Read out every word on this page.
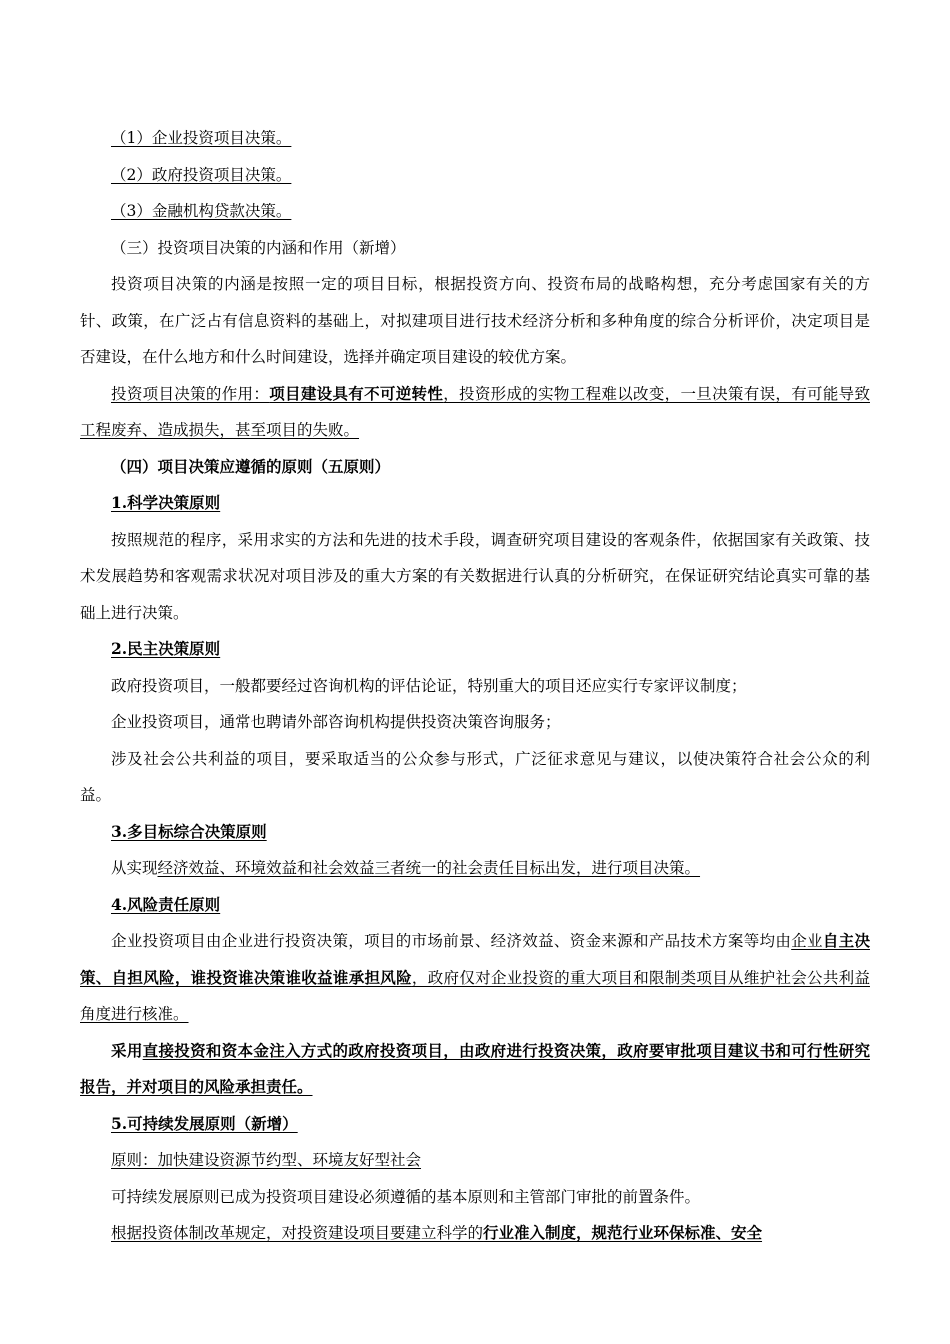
（1）企业投资项目决策。

（2）政府投资项目决策。

（3）金融机构贷款决策。

（三）投资项目决策的内涵和作用（新增）

投资项目决策的内涵是按照一定的项目目标，根据投资方向、投资布局的战略构想，充分考虑国家有关的方针、政策，在广泛占有信息资料的基础上，对拟建项目进行技术经济分析和多种角度的综合分析评价，决定项目是否建设，在什么地方和什么时间建设，选择并确定项目建设的较优方案。

投资项目决策的作用：项目建设具有不可逆转性，投资形成的实物工程难以改变，一旦决策有误，有可能导致工程废弃、造成损失，甚至项目的失败。

（四）项目决策应遵循的原则（五原则）

1.科学决策原则

按照规范的程序，采用求实的方法和先进的技术手段，调查研究项目建设的客观条件，依据国家有关政策、技术发展趋势和客观需求状况对项目涉及的重大方案的有关数据进行认真的分析研究，在保证研究结论真实可靠的基础上进行决策。

2.民主决策原则

政府投资项目，一般都要经过咨询机构的评估论证，特别重大的项目还应实行专家评议制度；

企业投资项目，通常也聘请外部咨询机构提供投资决策咨询服务；

涉及社会公共利益的项目，要采取适当的公众参与形式，广泛征求意见与建议，以使决策符合社会公众的利益。

3.多目标综合决策原则

从实现经济效益、环境效益和社会效益三者统一的社会责任目标出发，进行项目决策。

4.风险责任原则

企业投资项目由企业进行投资决策，项目的市场前景、经济效益、资金来源和产品技术方案等均由企业自主决策、自担风险，谁投资谁决策谁收益谁承担风险，政府仅对企业投资的重大项目和限制类项目从维护社会公共利益角度进行核准。

采用直接投资和资本金注入方式的政府投资项目，由政府进行投资决策，政府要审批项目建议书和可行性研究报告，并对项目的风险承担责任。

5.可持续发展原则（新增）

原则：加快建设资源节约型、环境友好型社会

可持续发展原则已成为投资项目建设必须遵循的基本原则和主管部门审批的前置条件。

根据投资体制改革规定，对投资建设项目要建立科学的行业准入制度，规范行业环保标准、安全
